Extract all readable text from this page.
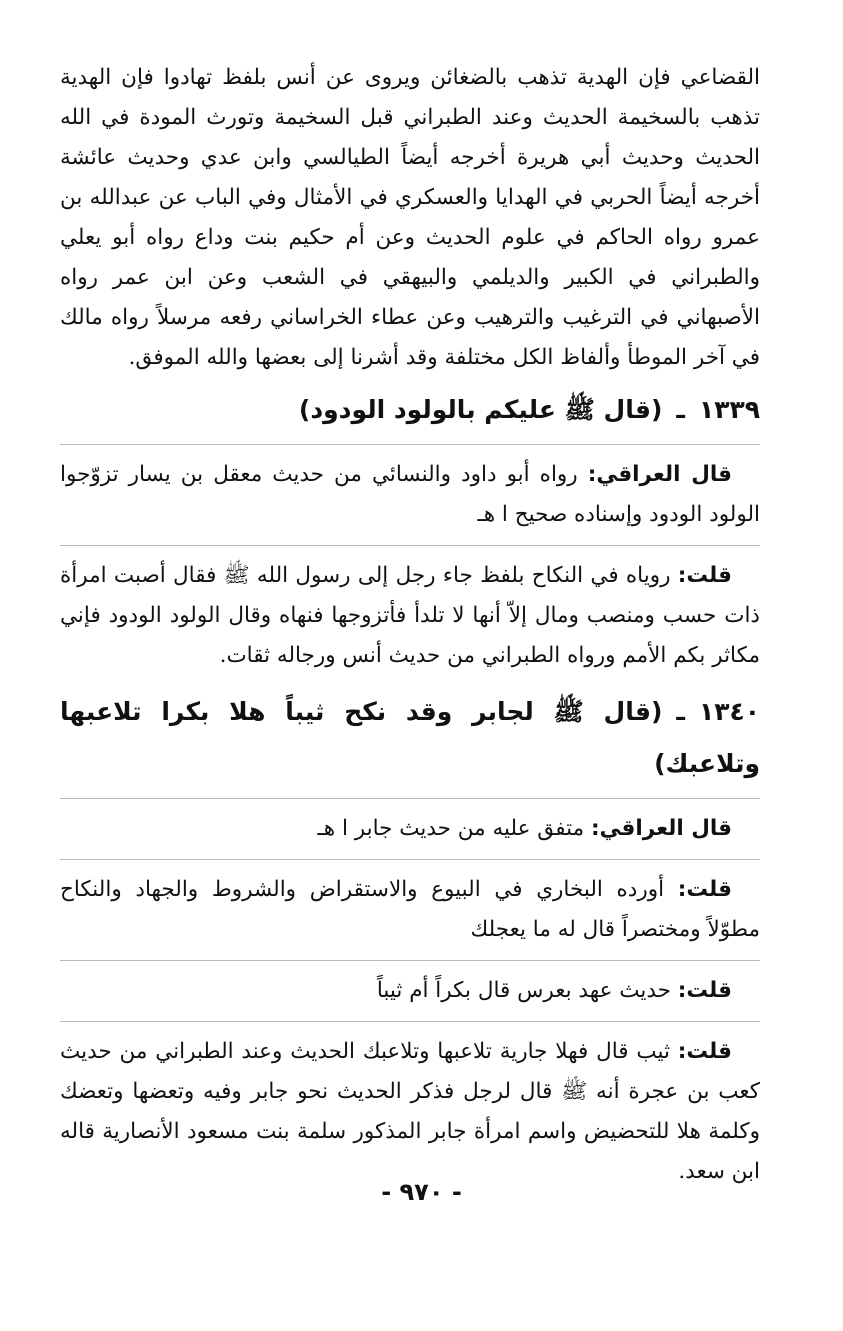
القضاعي فإن الهدية تذهب بالضغائن ويروى عن أنس بلفظ تهادوا فإن الهدية تذهب بالسخيمة الحديث وعند الطبراني قبل السخيمة وتورث المودة في الله الحديث وحديث أبي هريرة أخرجه أيضاً الطيالسي وابن عدي وحديث عائشة أخرجه أيضاً الحربي في الهدايا والعسكري في الأمثال وفي الباب عن عبدالله بن عمرو رواه الحاكم في علوم الحديث وعن أم حكيم بنت وداع رواه أبو يعلي والطبراني في الكبير والديلمي والبيهقي في الشعب وعن ابن عمر رواه الأصبهاني في الترغيب والترهيب وعن عطاء الخراساني رفعه مرسلاً رواه مالك في آخر الموطأ وألفاظ الكل مختلفة وقد أشرنا إلى بعضها والله الموفق.

١٣٣٩ـ(قال ﷺ عليكم بالولود الودود)

قال العراقي: رواه أبو داود والنسائي من حديث معقل بن يسار تزوّجوا الولود الودود وإسناده صحيح ا هـ

قلت: روياه في النكاح بلفظ جاء رجل إلى رسول الله ﷺ فقال أصبت امرأة ذات حسب ومنصب ومال إلاّ أنها لا تلدأ فأتزوجها فنهاه وقال الولود الودود فإني مكاثر بكم الأمم ورواه الطبراني من حديث أنس ورجاله ثقات.

١٣٤٠ـ(قال ﷺ لجابر وقد نكح ثيباً هلا بكرا تلاعبها وتلاعبك)

قال العراقي: متفق عليه من حديث جابر ا هـ

قلت: أورده البخاري في البيوع والاستقراض والشروط والجهاد والنكاح مطوّلاً ومختصراً قال له ما يعجلك

قلت: حديث عهد بعرس قال بكراً أم ثيباً

قلت: ثيب قال فهلا جارية تلاعبها وتلاعبك الحديث وعند الطبراني من حديث كعب بن عجرة أنه ﷺ قال لرجل فذكر الحديث نحو جابر وفيه وتعضها وتعضك وكلمة هلا للتحضيض واسم امرأة جابر المذكور سلمة بنت مسعود الأنصارية قاله ابن سعد.

- ٩٧٠ -
